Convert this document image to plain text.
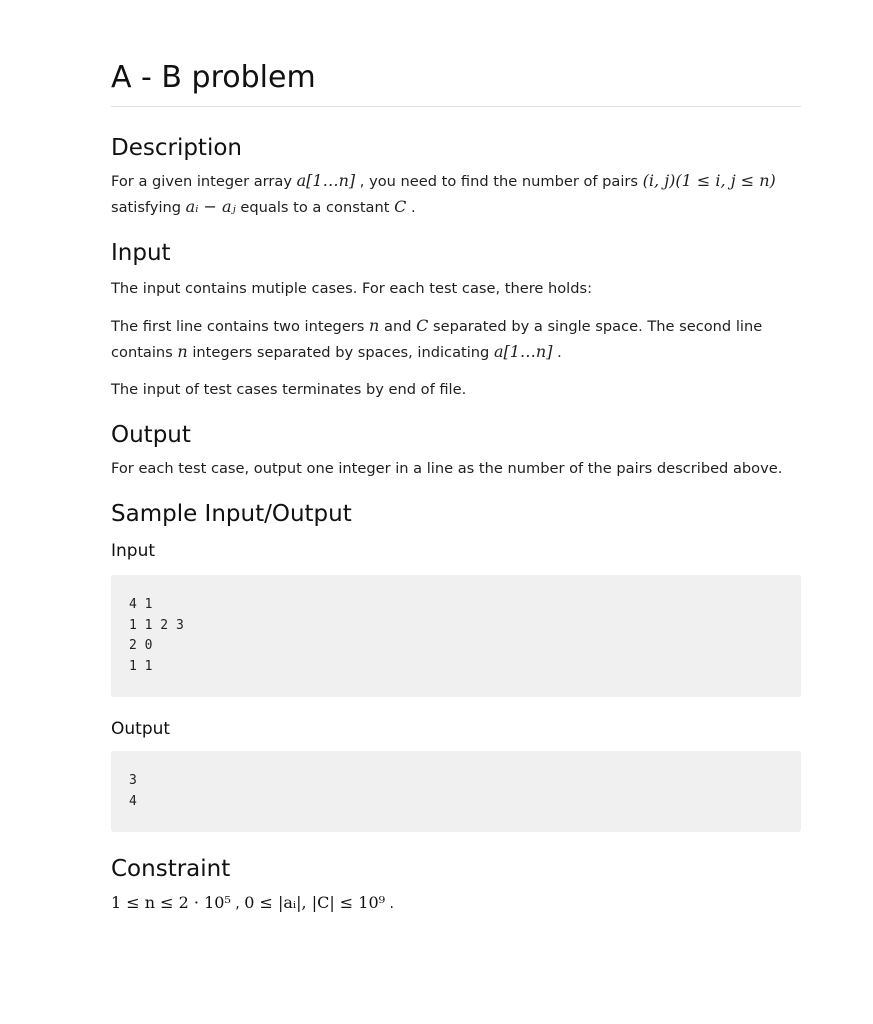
A - B problem
Description

For a given integer array a[1…n] , you need to find the number of pairs (i, j)(1 ≤ i, j ≤ n)
satisfying aᵢ − aⱼ equals to a constant C .

Input

The input contains mutiple cases. For each test case, there holds:

The first line contains two integers n and C separated by a single space. The second line
contains n integers separated by spaces, indicating a[1…n] .

The input of test cases terminates by end of file.

Output

For each test case, output one integer in a line as the number of the pairs described above.

Sample Input/Output
Input
4 1
1 1 2 3
2 0
1 1
Output
3
4
Constraint

1 ≤ n ≤ 2 · 10⁵ , 0 ≤ |aᵢ|, |C| ≤ 10⁹ .
